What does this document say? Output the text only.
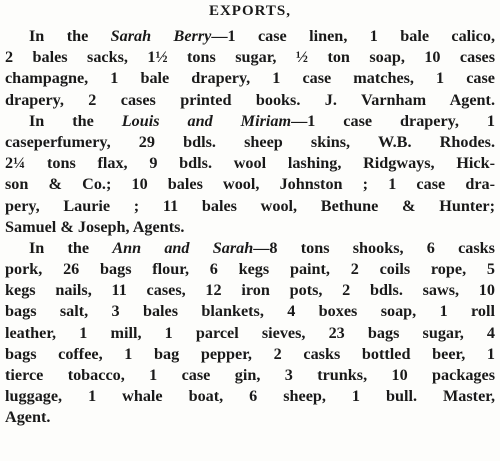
EXPORTS,
In the Sarah Berry—1 case linen, 1 bale calico,
2 bales sacks, 1½ tons sugar, ½ ton soap, 10 cases
champagne, 1 bale drapery, 1 case matches, 1 case
drapery, 2 cases printed books. J. Varnham Agent.
In the Louis and Miriam—1 case drapery, 1
caseperfumery, 29 bdls. sheep skins, W.B. Rhodes.
2¼ tons flax, 9 bdls. wool lashing, Ridgways, Hick-
son & Co.; 10 bales wool, Johnston ; 1 case dra-
pery, Laurie ; 11 bales wool, Bethune & Hunter;
Samuel & Joseph, Agents.
In the Ann and Sarah—8 tons shooks, 6 casks
pork, 26 bags flour, 6 kegs paint, 2 coils rope, 5
kegs nails, 11 cases, 12 iron pots, 2 bdls. saws, 10
bags salt, 3 bales blankets, 4 boxes soap, 1 roll
leather, 1 mill, 1 parcel sieves, 23 bags sugar, 4
bags coffee, 1 bag pepper, 2 casks bottled beer, 1
tierce tobacco, 1 case gin, 3 trunks, 10 packages
luggage, 1 whale boat, 6 sheep, 1 bull. Master,
Agent.
